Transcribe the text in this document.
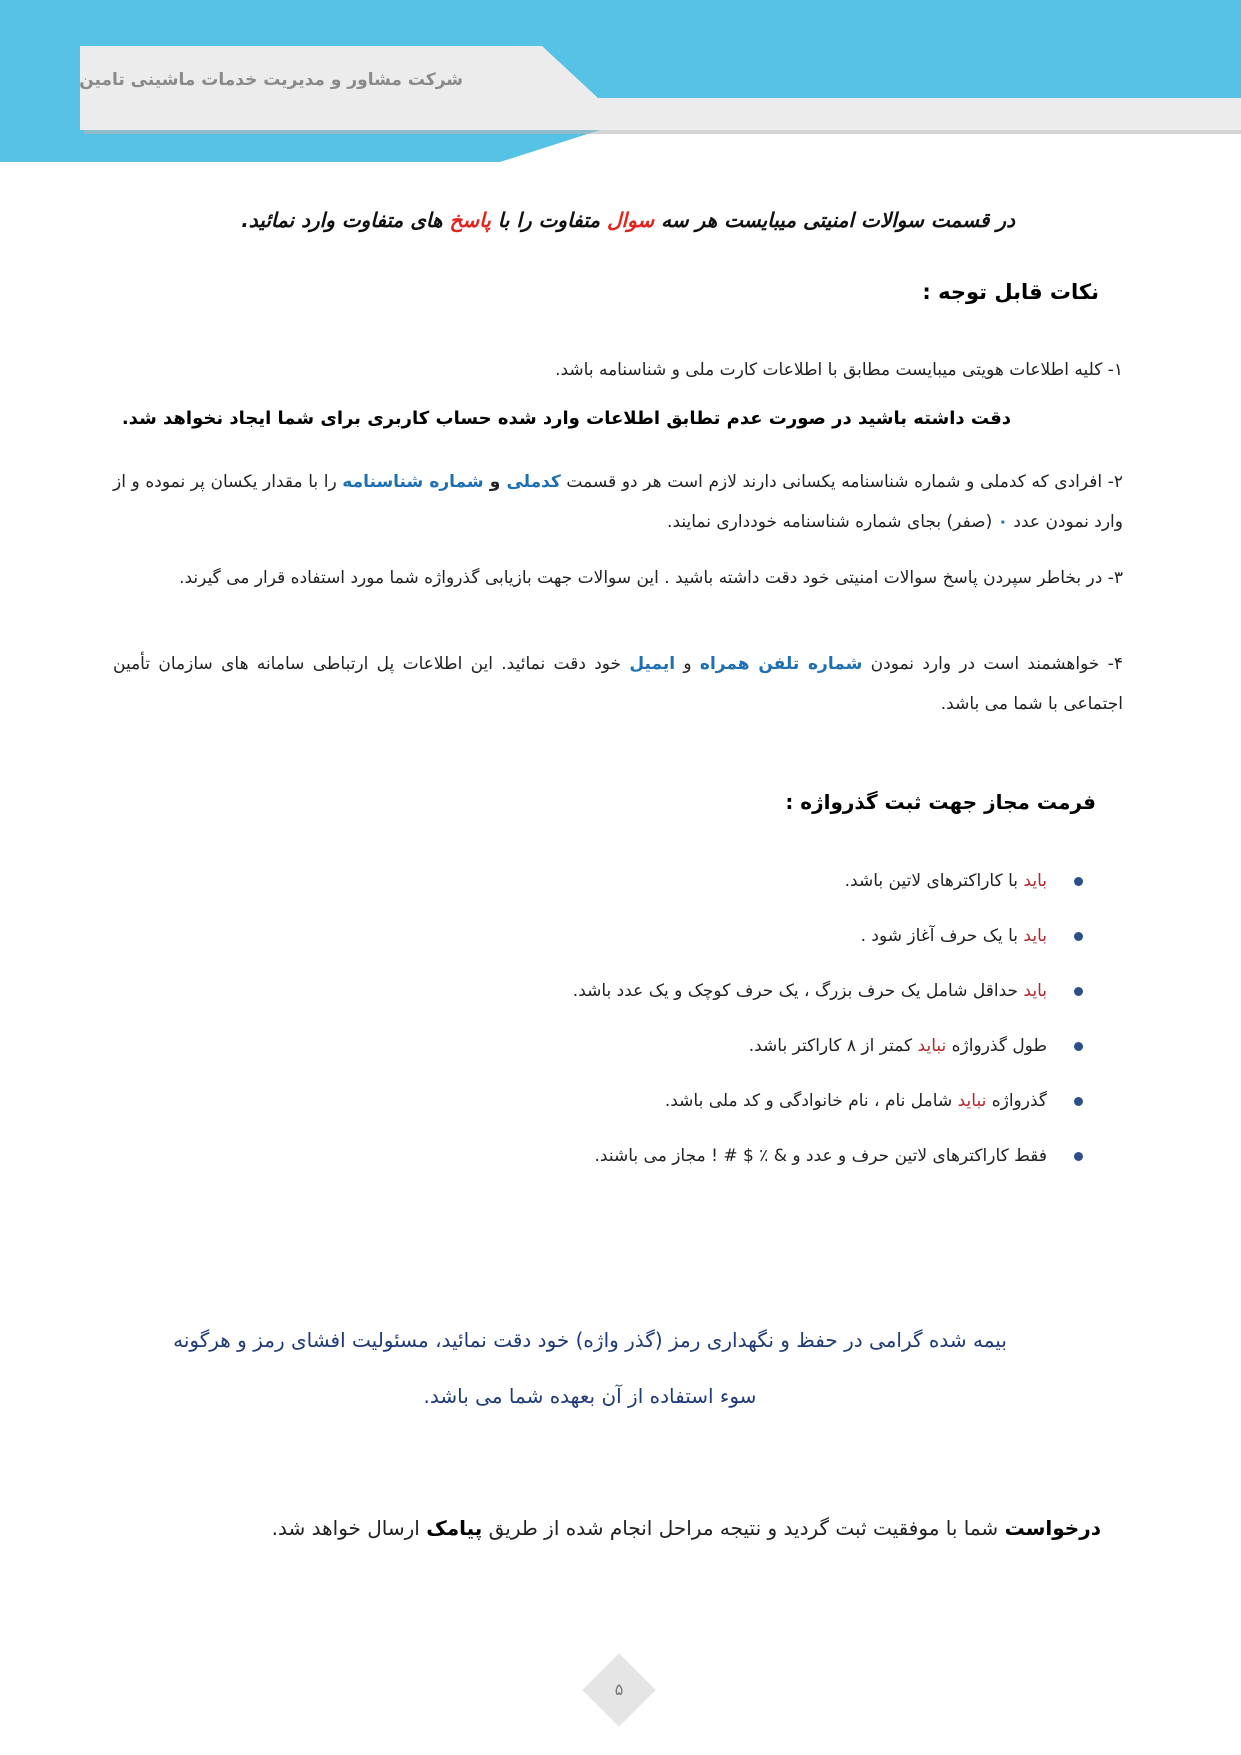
شرکت مشاور و مدیریت خدمات ماشینی تامین
در قسمت سوالات امنیتی میبایست هر سه سوال متفاوت را با پاسخ های متفاوت وارد نمائید.
نکات قابل توجه :
۱- کلیه اطلاعات هویتی میبایست مطابق با اطلاعات کارت ملی و شناسنامه باشد.
دقت داشته باشید در صورت عدم تطابق اطلاعات وارد شده حساب کاربری برای شما ایجاد نخواهد شد.
۲- افرادی که کدملی و شماره شناسنامه یکسانی دارند لازم است هر دو قسمت کدملی و شماره شناسنامه را با مقدار یکسان پر نموده و از وارد نمودن عدد ۰ (صفر) بجای شماره شناسنامه خودداری نمایند.
۳- در بخاطر سپردن پاسخ سوالات امنیتی خود دقت داشته باشید . این سوالات جهت بازیابی گذرواژه شما مورد استفاده قرار می گیرند.
۴- خواهشمند است در وارد نمودن شماره تلفن همراه و ایمیل خود دقت نمائید. این اطلاعات پل ارتباطی سامانه های سازمان تأمین اجتماعی با شما می باشد.
فرمت مجاز جهت ثبت گذرواژه :
باید با کاراکترهای لاتین باشد.
باید با یک حرف آغاز شود .
باید حداقل شامل یک حرف بزرگ ، یک حرف کوچک و یک عدد باشد.
طول گذرواژه نباید کمتر از ۸ کاراکتر باشد.
گذرواژه نباید شامل نام ، نام خانوادگی و کد ملی باشد.
فقط کاراکترهای لاتین حرف و عدد و & ٪ $ # ! مجاز می باشند.
بیمه شده گرامی در حفظ و نگهداری رمز (گذر واژه) خود دقت نمائید، مسئولیت افشای رمز و هرگونه
سوء استفاده از آن بعهده شما می باشد.
درخواست شما با موفقیت ثبت گردید و نتیجه مراحل انجام شده از طریق پیامک ارسال خواهد شد.
۵
